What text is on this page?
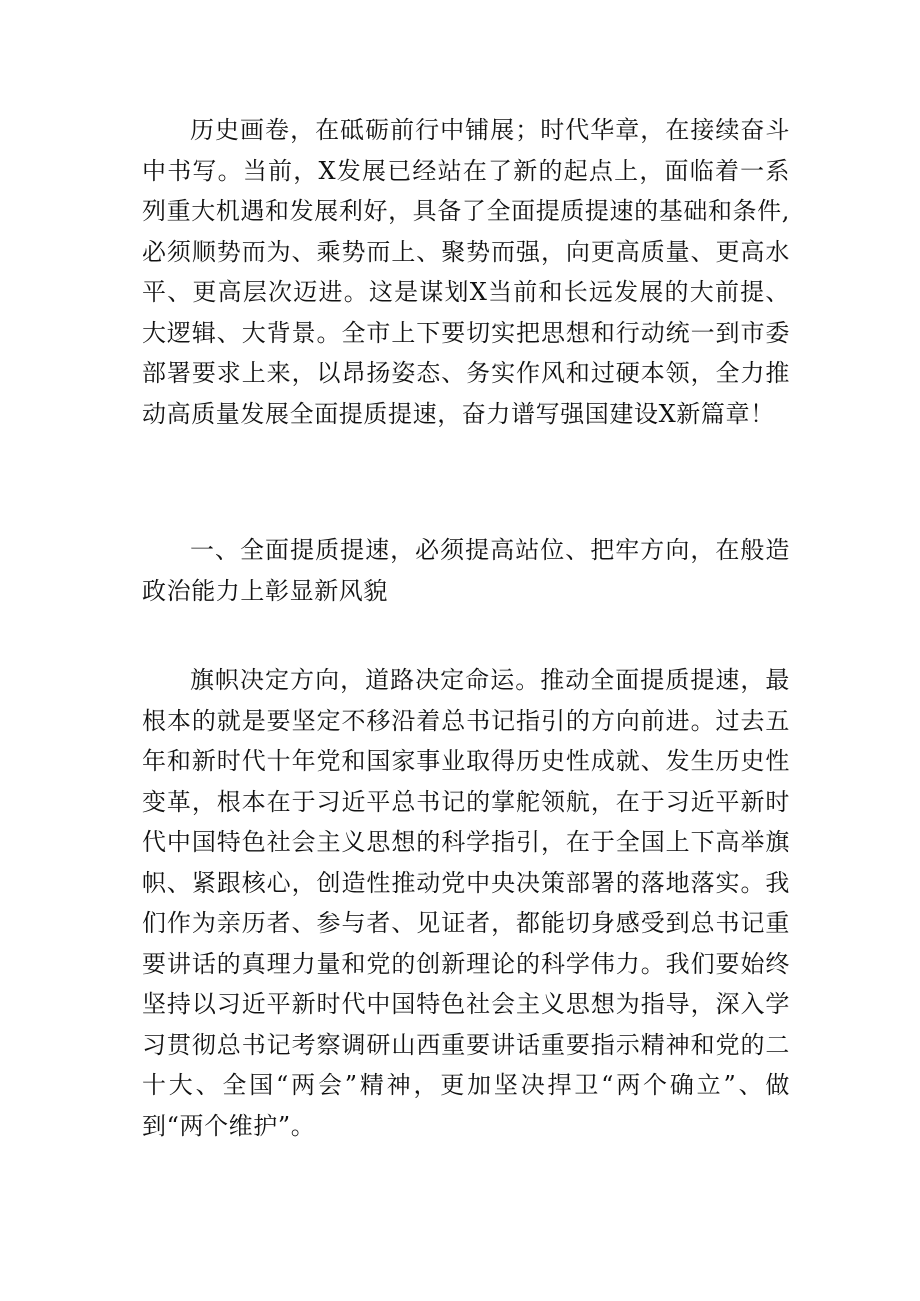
历史画卷，在砥砺前行中铺展；时代华章，在接续奋斗中书写。当前，X发展已经站在了新的起点上，面临着一系列重大机遇和发展利好，具备了全面提质提速的基础和条件,必须顺势而为、乘势而上、聚势而强，向更高质量、更高水平、更高层次迈进。这是谋划X当前和长远发展的大前提、大逻辑、大背景。全市上下要切实把思想和行动统一到市委部署要求上来，以昂扬姿态、务实作风和过硬本领，全力推动高质量发展全面提质提速，奋力谱写强国建设X新篇章！

一、全面提质提速，必须提高站位、把牢方向，在般造政治能力上彰显新风貌

旗帜决定方向，道路决定命运。推动全面提质提速，最根本的就是要坚定不移沿着总书记指引的方向前进。过去五年和新时代十年党和国家事业取得历史性成就、发生历史性变革，根本在于习近平总书记的掌舵领航，在于习近平新时代中国特色社会主义思想的科学指引，在于全国上下高举旗帜、紧跟核心，创造性推动党中央决策部署的落地落实。我们作为亲历者、参与者、见证者，都能切身感受到总书记重要讲话的真理力量和党的创新理论的科学伟力。我们要始终坚持以习近平新时代中国特色社会主义思想为指导，深入学习贯彻总书记考察调研山西重要讲话重要指示精神和党的二十大、全国“两会”精神，更加坚决捍卫“两个确立”、做到“两个维护”。
